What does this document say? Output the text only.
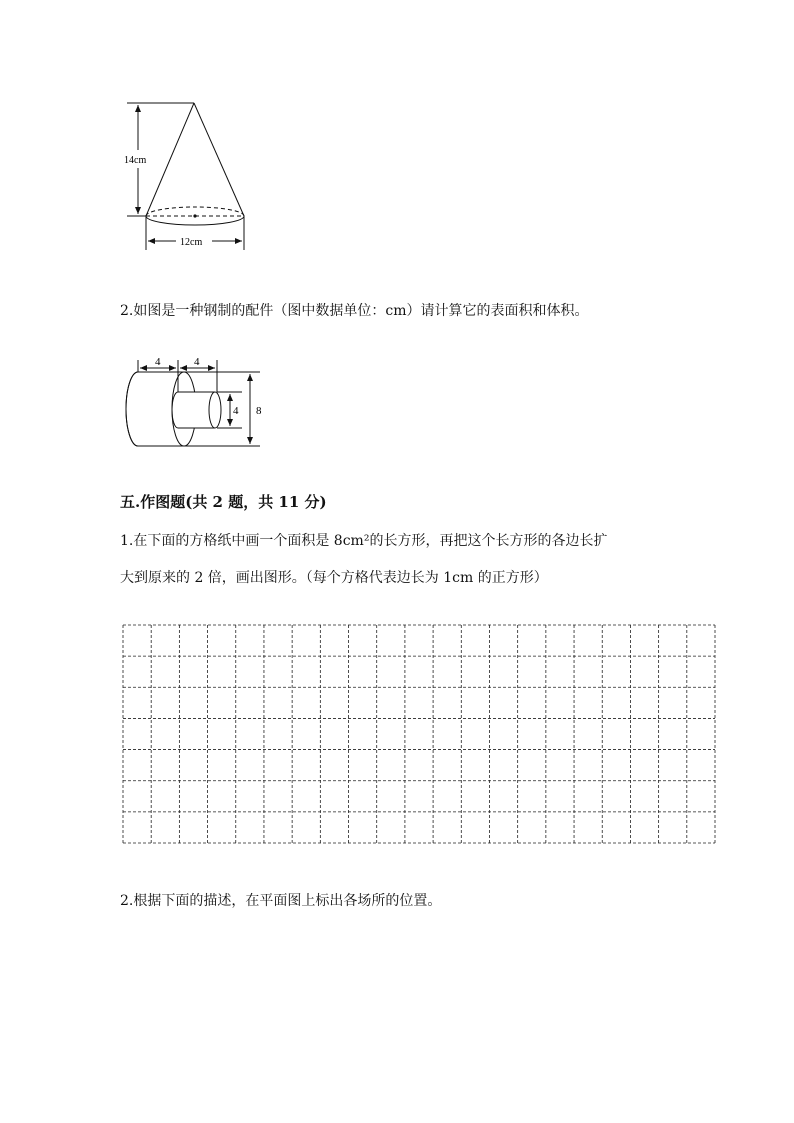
14cm
12cm
2.如图是一种钢制的配件（图中数据单位：cm）请计算它的表面积和体积。
4	4
4 8
五.作图题(共 2 题，共 11 分)
1.在下面的方格纸中画一个面积是 8cm²的长方形，再把这个长方形的各边长扩
大到原来的 2 倍，画出图形。（每个方格代表边长为 1cm 的正方形）
2.根据下面的描述，在平面图上标出各场所的位置。
